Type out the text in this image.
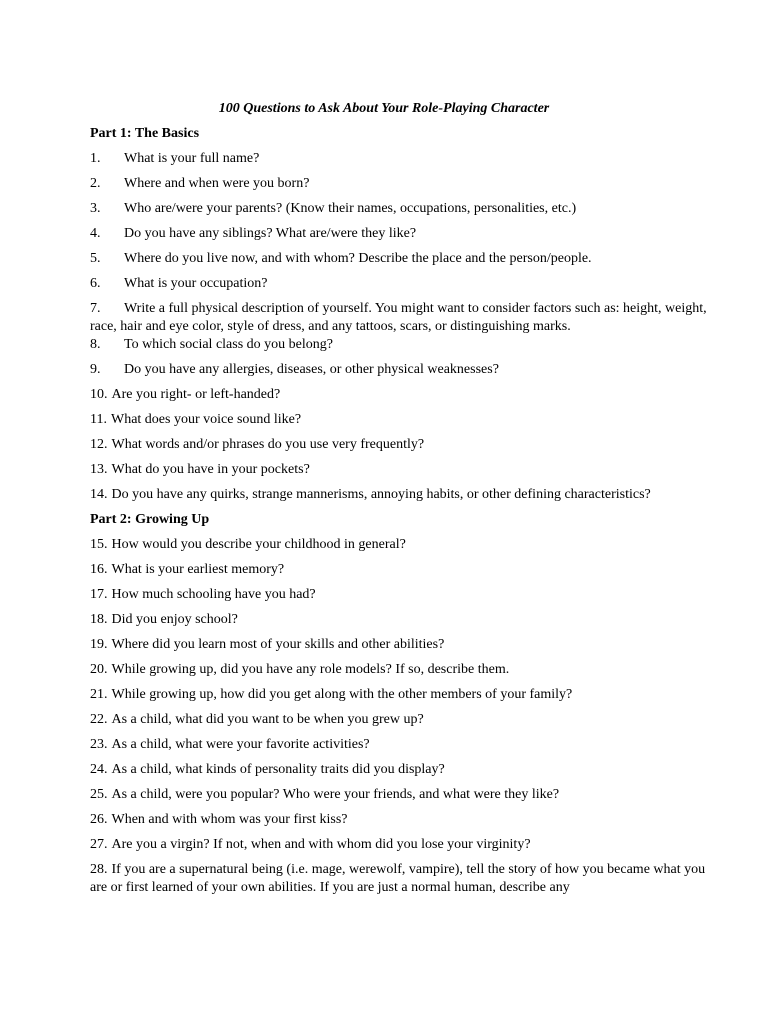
100 Questions to Ask About Your Role-Playing Character

Part 1: The Basics

1. What is your full name?

2. Where and when were you born?

3. Who are/were your parents? (Know their names, occupations, personalities, etc.)

4. Do you have any siblings? What are/were they like?

5. Where do you live now, and with whom? Describe the place and the person/people.

6. What is your occupation?

7. Write a full physical description of yourself. You might want to consider factors such as: height, weight, race, hair and eye color, style of dress, and any tattoos, scars, or distinguishing marks.

8. To which social class do you belong?

9. Do you have any allergies, diseases, or other physical weaknesses?

10. Are you right- or left-handed?

11. What does your voice sound like?

12. What words and/or phrases do you use very frequently?

13. What do you have in your pockets?

14. Do you have any quirks, strange mannerisms, annoying habits, or other defining characteristics?

Part 2: Growing Up

15. How would you describe your childhood in general?

16. What is your earliest memory?

17. How much schooling have you had?

18. Did you enjoy school?

19. Where did you learn most of your skills and other abilities?

20. While growing up, did you have any role models? If so, describe them.

21. While growing up, how did you get along with the other members of your family?

22. As a child, what did you want to be when you grew up?

23. As a child, what were your favorite activities?

24. As a child, what kinds of personality traits did you display?

25. As a child, were you popular? Who were your friends, and what were they like?

26. When and with whom was your first kiss?

27. Are you a virgin? If not, when and with whom did you lose your virginity?

28. If you are a supernatural being (i.e. mage, werewolf, vampire), tell the story of how you became what you are or first learned of your own abilities. If you are just a normal human, describe any
